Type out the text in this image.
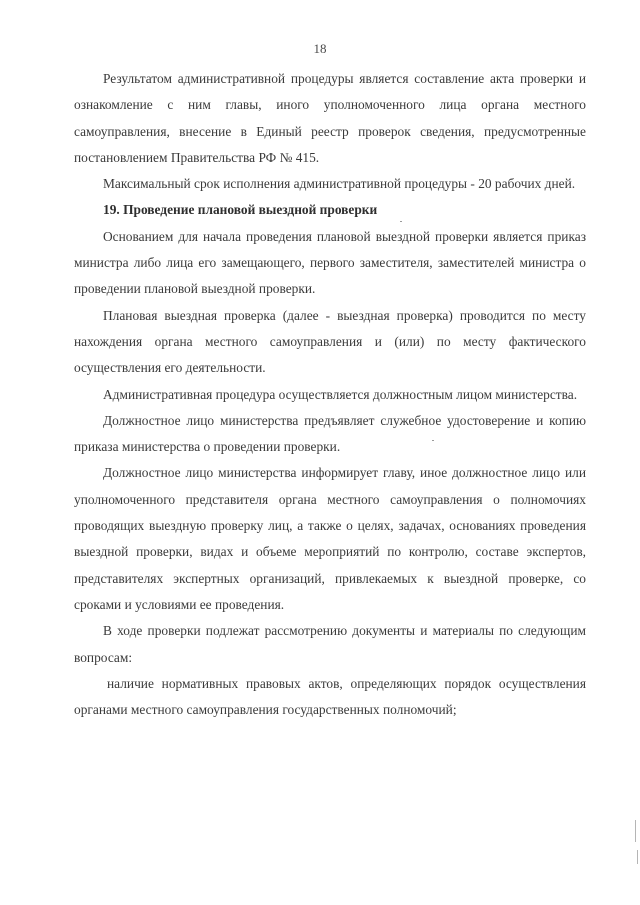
18

Результатом административной процедуры является составление акта проверки и ознакомление с ним главы, иного уполномоченного лица органа местного самоуправления, внесение в Единый реестр проверок сведения, предусмотренные постановлением Правительства РФ № 415.

Максимальный срок исполнения административной процедуры - 20 рабочих дней.

19. Проведение плановой выездной проверки

Основанием для начала проведения плановой выездной проверки является приказ министра либо лица его замещающего, первого заместителя, заместителей министра о проведении плановой выездной проверки.

Плановая выездная проверка (далее - выездная проверка) проводится по месту нахождения органа местного самоуправления и (или) по месту фактического осуществления его деятельности.

Административная процедура осуществляется должностным лицом министерства.

Должностное лицо министерства предъявляет служебное удостоверение и копию приказа министерства о проведении проверки.

Должностное лицо министерства информирует главу, иное должностное лицо или уполномоченного представителя органа местного самоуправления о полномочиях проводящих выездную проверку лиц, а также о целях, задачах, основаниях проведения выездной проверки, видах и объеме мероприятий по контролю, составе экспертов, представителях экспертных организаций, привлекаемых к выездной проверке, со сроками и условиями ее проведения.

В ходе проверки подлежат рассмотрению документы и материалы по следующим вопросам:

наличие нормативных правовых актов, определяющих порядок осуществления органами местного самоуправления государственных полномочий;
